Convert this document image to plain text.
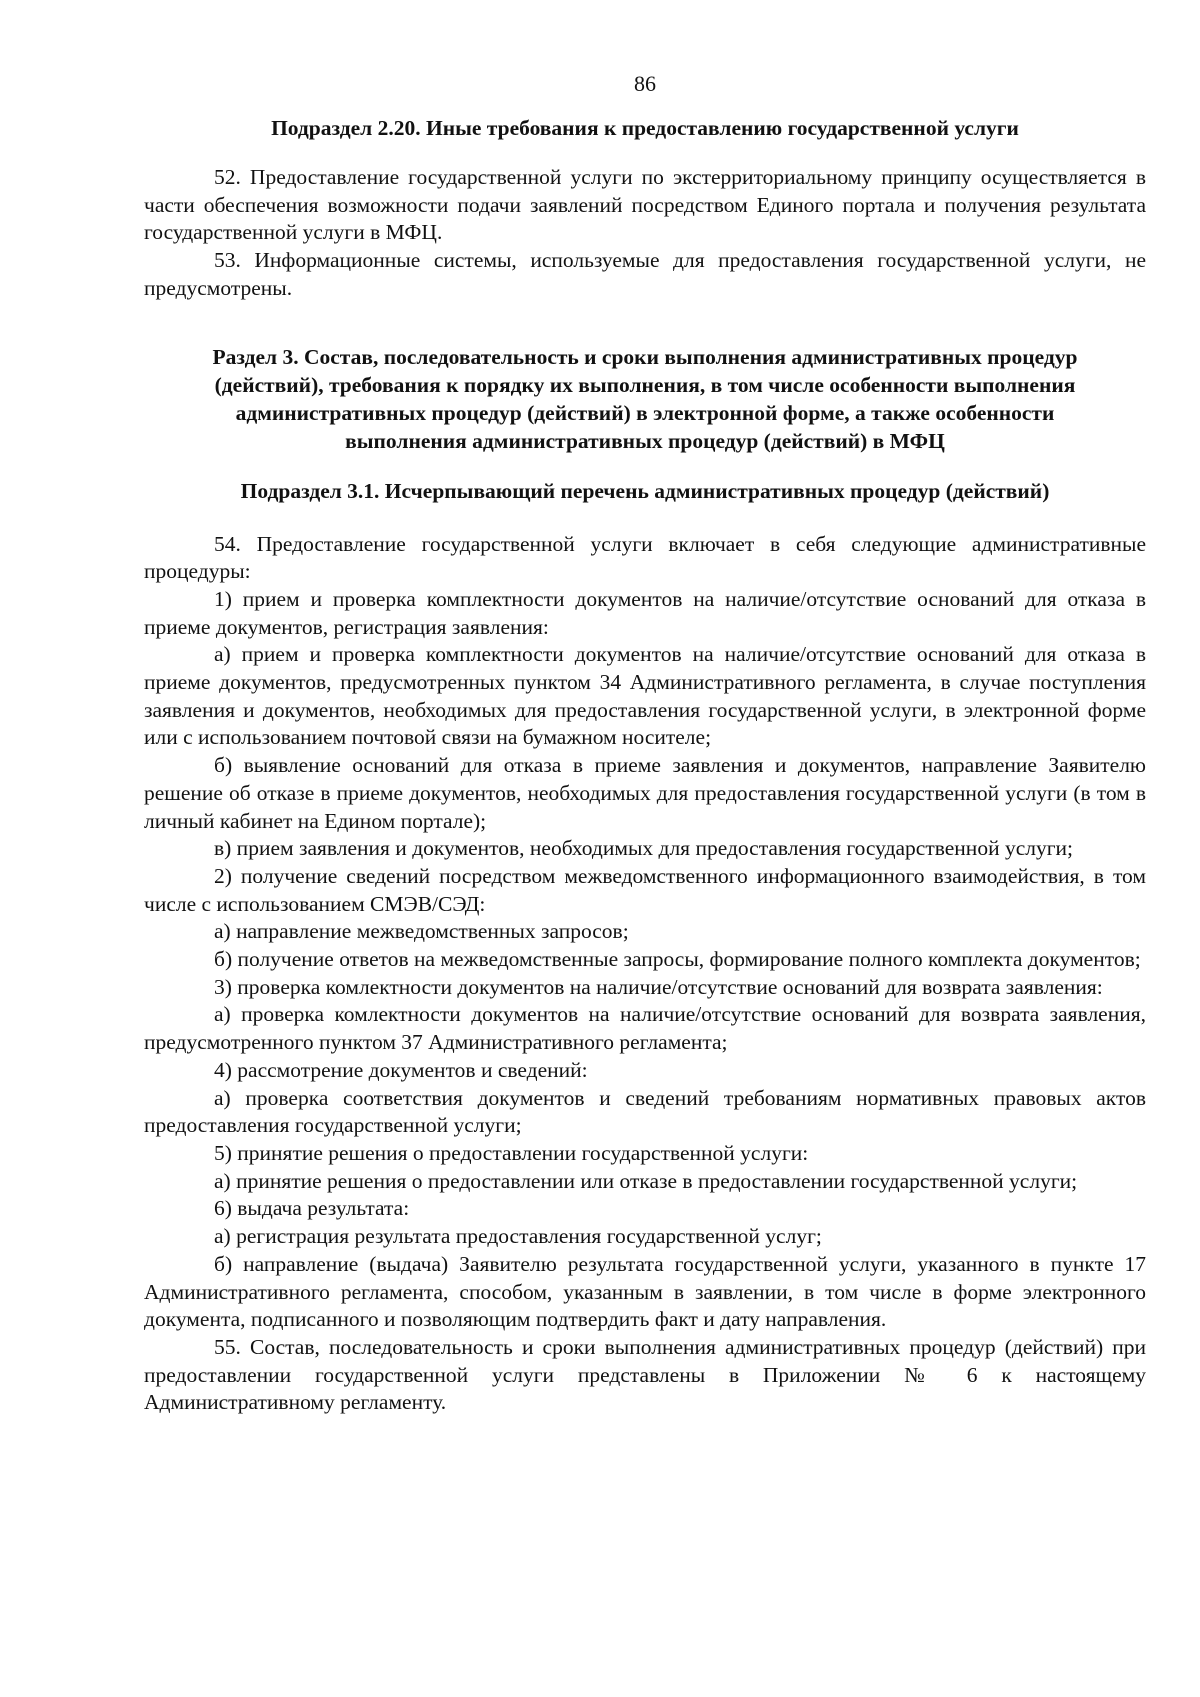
86
Подраздел 2.20. Иные требования к предоставлению государственной услуги

52. Предоставление государственной услуги по экстерриториальному принципу осуществляется в части обеспечения возможности подачи заявлений посредством Единого портала и получения результата государственной услуги в МФЦ.

53. Информационные системы, используемые для предоставления государственной услуги, не предусмотрены.

Раздел 3. Состав, последовательность и сроки выполнения административных процедур (действий), требования к порядку их выполнения, в том числе особенности выполнения административных процедур (действий) в электронной форме, а также особенности выполнения административных процедур (действий) в МФЦ
Подраздел 3.1. Исчерпывающий перечень административных процедур (действий)

54. Предоставление государственной услуги включает в себя следующие административные процедуры:

1) прием и проверка комплектности документов на наличие/отсутствие оснований для отказа в приеме документов, регистрация заявления:

а) прием и проверка комплектности документов на наличие/отсутствие оснований для отказа в приеме документов, предусмотренных пунктом 34 Административного регламента, в случае поступления заявления и документов, необходимых для предоставления государственной услуги, в электронной форме или с использованием почтовой связи на бумажном носителе;

б) выявление оснований для отказа в приеме заявления и документов, направление Заявителю решение об отказе в приеме документов, необходимых для предоставления государственной услуги (в том в личный кабинет на Едином портале);

в) прием заявления и документов, необходимых для предоставления государственной услуги;

2) получение сведений посредством межведомственного информационного взаимодействия, в том числе с использованием СМЭВ/СЭД:

а) направление межведомственных запросов;

б) получение ответов на межведомственные запросы, формирование полного комплекта документов;

3) проверка комлектности документов на наличие/отсутствие оснований для возврата заявления:

а) проверка комлектности документов на наличие/отсутствие оснований для возврата заявления, предусмотренного пунктом 37 Административного регламента;

4) рассмотрение документов и сведений:

а) проверка соответствия документов и сведений требованиям нормативных правовых актов предоставления государственной услуги;

5) принятие решения о предоставлении государственной услуги:

а) принятие решения о предоставлении или отказе в предоставлении государственной услуги;

6) выдача результата:

а) регистрация результата предоставления государственной услуг;

б) направление (выдача) Заявителю результата государственной услуги, указанного в пункте 17 Административного регламента, способом, указанным в заявлении, в том числе в форме электронного документа, подписанного и позволяющим подтвердить факт и дату направления.

55. Состав, последовательность и сроки выполнения административных процедур (действий) при предоставлении государственной услуги представлены в Приложении № 6 к настоящему Административному регламенту.
